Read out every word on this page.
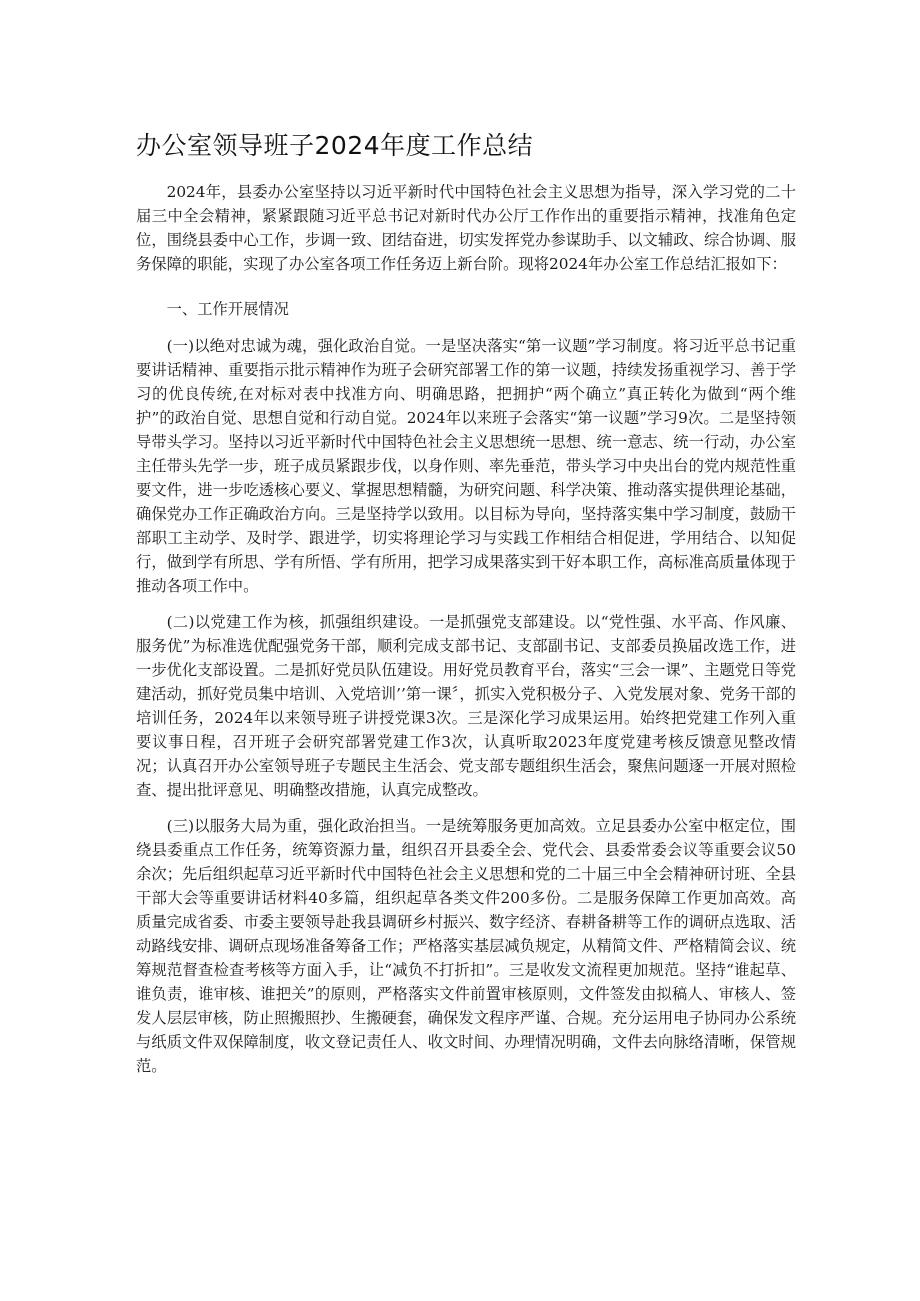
办公室领导班子2024年度工作总结

2024年，县委办公室坚持以习近平新时代中国特色社会主义思想为指导，深入学习党的二十届三中全会精神，紧紧跟随习近平总书记对新时代办公厅工作作出的重要指示精神，找准角色定位，围绕县委中心工作，步调一致、团结奋进，切实发挥党办参谋助手、以文辅政、综合协调、服务保障的职能，实现了办公室各项工作任务迈上新台阶。现将2024年办公室工作总结汇报如下：

一、工作开展情况

(一)以绝对忠诚为魂，强化政治自觉。一是坚决落实“第一议题”学习制度。将习近平总书记重要讲话精神、重要指示批示精神作为班子会研究部署工作的第一议题，持续发扬重视学习、善于学习的优良传统,在对标对表中找准方向、明确思路，把拥护“两个确立”真正转化为做到“两个维护”的政治自觉、思想自觉和行动自觉。2024年以来班子会落实“第一议题”学习9次。二是坚持领导带头学习。坚持以习近平新时代中国特色社会主义思想统一思想、统一意志、统一行动，办公室主任带头先学一步，班子成员紧跟步伐，以身作则、率先垂范，带头学习中央出台的党内规范性重要文件，进一步吃透核心要义、掌握思想精髓，为研究问题、科学决策、推动落实提供理论基础，确保党办工作正确政治方向。三是坚持学以致用。以目标为导向，坚持落实集中学习制度，鼓励干部职工主动学、及时学、跟进学，切实将理论学习与实践工作相结合相促进，学用结合、以知促行，做到学有所思、学有所悟、学有所用，把学习成果落实到干好本职工作，高标准高质量体现于推动各项工作中。

(二)以党建工作为核，抓强组织建设。一是抓强党支部建设。以“党性强、水平高、作风廉、服务优”为标准选优配强党务干部，顺利完成支部书记、支部副书记、支部委员换届改选工作，进一步优化支部设置。二是抓好党员队伍建设。用好党员教育平台，落实“三会一课”、主题党日等党建活动，抓好党员集中培训、入党培训’’第一课〞，抓实入党积极分子、入党发展对象、党务干部的培训任务，2024年以来领导班子讲授党课3次。三是深化学习成果运用。始终把党建工作列入重要议事日程，召开班子会研究部署党建工作3次，认真听取2023年度党建考核反馈意见整改情况；认真召开办公室领导班子专题民主生活会、党支部专题组织生活会，聚焦问题逐一开展对照检查、提出批评意见、明确整改措施，认真完成整改。

(三)以服务大局为重，强化政治担当。一是统筹服务更加高效。立足县委办公室中枢定位，围绕县委重点工作任务，统筹资源力量，组织召开县委全会、党代会、县委常委会议等重要会议50余次；先后组织起草习近平新时代中国特色社会主义思想和党的二十届三中全会精神研讨班、全县干部大会等重要讲话材料40多篇，组织起草各类文件200多份。二是服务保障工作更加高效。高质量完成省委、市委主要领导赴我县调研乡村振兴、数字经济、春耕备耕等工作的调研点选取、活动路线安排、调研点现场准备筹备工作；严格落实基层减负规定，从精简文件、严格精简会议、统筹规范督查检查考核等方面入手，让“减负不打折扣”。三是收发文流程更加规范。坚持“谁起草、谁负责，谁审核、谁把关”的原则，严格落实文件前置审核原则，文件签发由拟稿人、审核人、签发人层层审核，防止照搬照抄、生搬硬套，确保发文程序严谨、合规。充分运用电子协同办公系统与纸质文件双保障制度，收文登记责任人、收文时间、办理情况明确，文件去向脉络清晰，保管规范。
